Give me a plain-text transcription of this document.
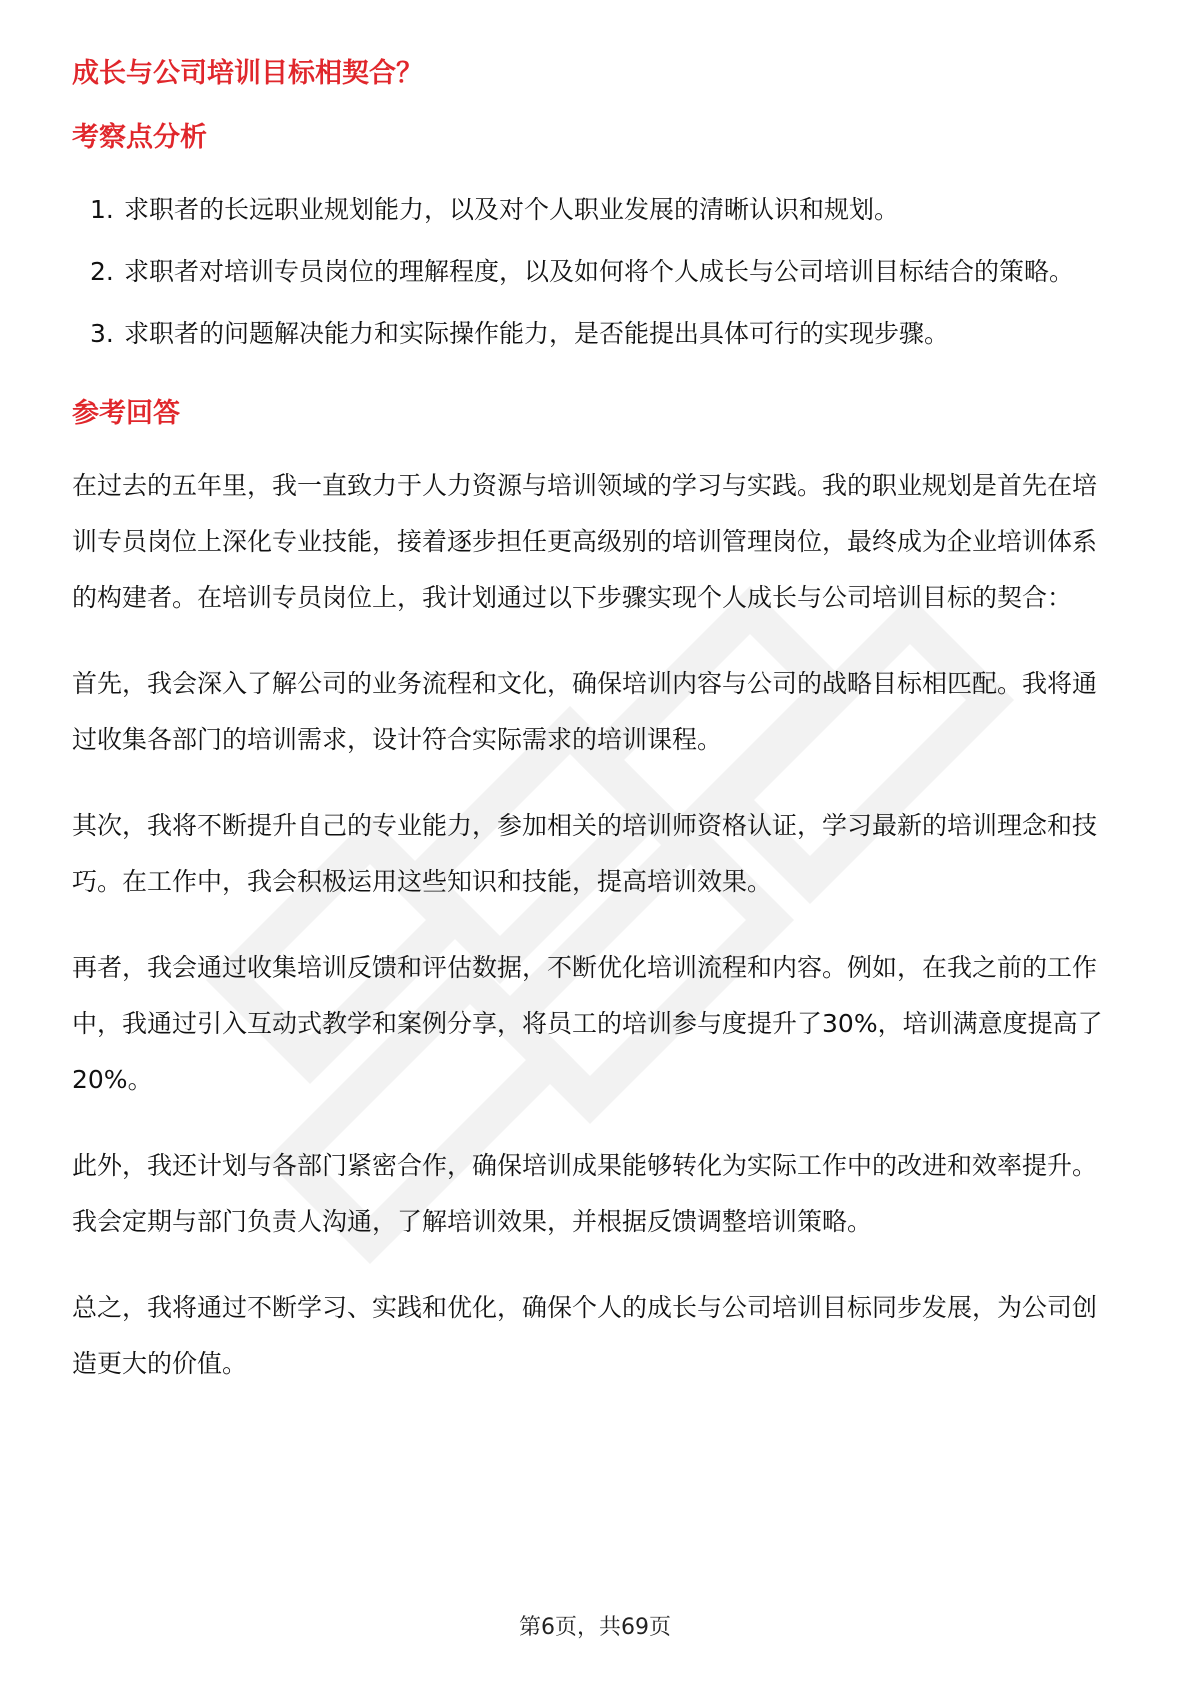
成长与公司培训目标相契合？
考察点分析
1. 求职者的长远职业规划能力，以及对个人职业发展的清晰认识和规划。
2. 求职者对培训专员岗位的理解程度，以及如何将个人成长与公司培训目标结合的策略。
3. 求职者的问题解决能力和实际操作能力，是否能提出具体可行的实现步骤。
参考回答

在过去的五年里，我一直致力于人力资源与培训领域的学习与实践。我的职业规划是首先在培训专员岗位上深化专业技能，接着逐步担任更高级别的培训管理岗位，最终成为企业培训体系的构建者。在培训专员岗位上，我计划通过以下步骤实现个人成长与公司培训目标的契合：

首先，我会深入了解公司的业务流程和文化，确保培训内容与公司的战略目标相匹配。我将通过收集各部门的培训需求，设计符合实际需求的培训课程。

其次，我将不断提升自己的专业能力，参加相关的培训师资格认证，学习最新的培训理念和技巧。在工作中，我会积极运用这些知识和技能，提高培训效果。

再者，我会通过收集培训反馈和评估数据，不断优化培训流程和内容。例如，在我之前的工作中，我通过引入互动式教学和案例分享，将员工的培训参与度提升了30%，培训满意度提高了20%。

此外，我还计划与各部门紧密合作，确保培训成果能够转化为实际工作中的改进和效率提升。我会定期与部门负责人沟通，了解培训效果，并根据反馈调整培训策略。

总之，我将通过不断学习、实践和优化，确保个人的成长与公司培训目标同步发展，为公司创造更大的价值。

第6页，共69页
